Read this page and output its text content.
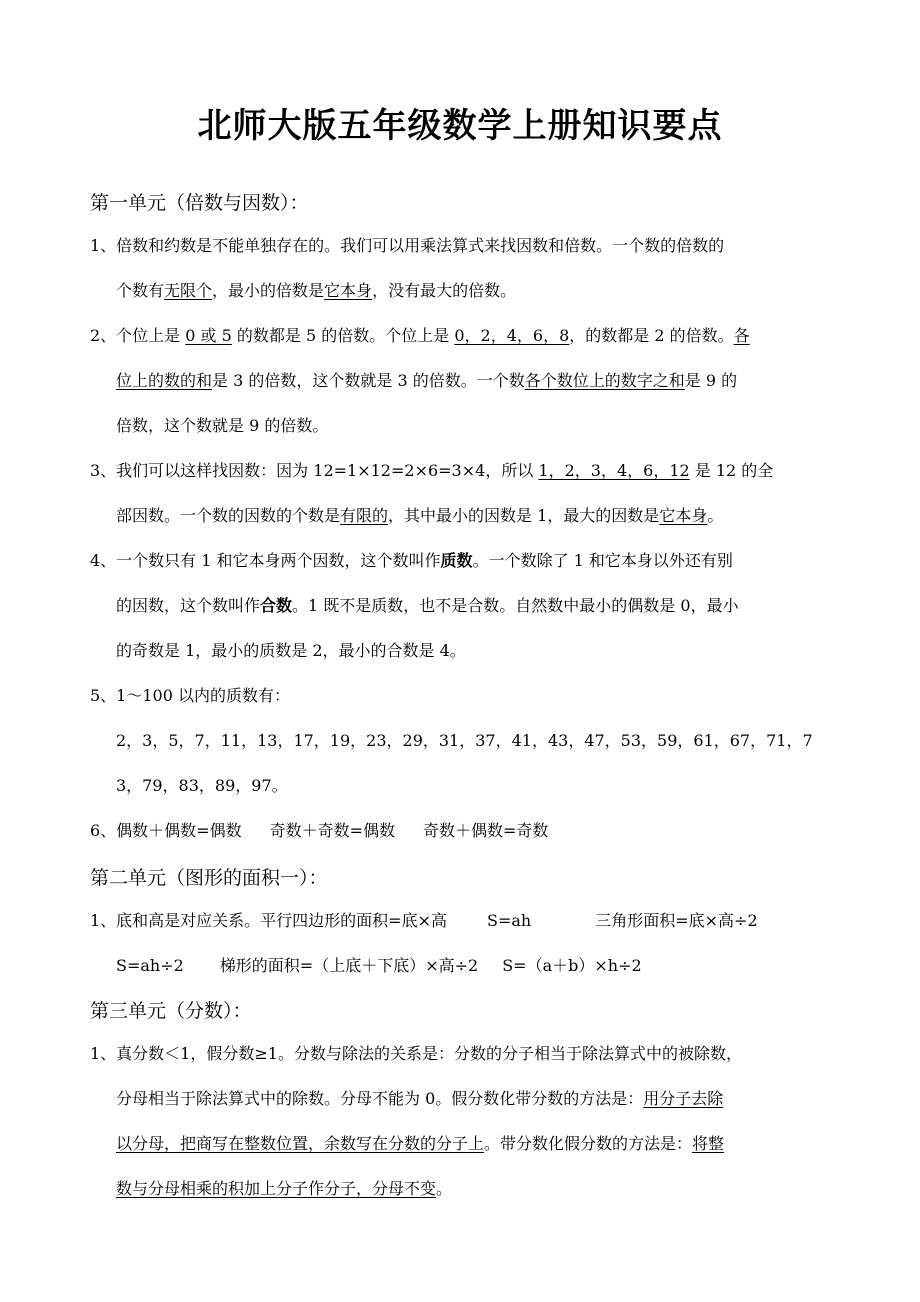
北师大版五年级数学上册知识要点

第一单元（倍数与因数）：

1、倍数和约数是不能单独存在的。我们可以用乘法算式来找因数和倍数。一个数的倍数的
个数有无限个，最小的倍数是它本身，没有最大的倍数。
2、个位上是 0 或 5 的数都是 5 的倍数。个位上是 0，2，4，6，8，的数都是 2 的倍数。各
位上的数的和是 3 的倍数，这个数就是 3 的倍数。一个数各个数位上的数字之和是 9 的
倍数，这个数就是 9 的倍数。
3、我们可以这样找因数：因为 12=1×12=2×6=3×4，所以 1，2，3，4，6，12 是 12 的全
部因数。一个数的因数的个数是有限的，其中最小的因数是 1，最大的因数是它本身。
4、一个数只有 1 和它本身两个因数，这个数叫作质数。一个数除了 1 和它本身以外还有别
的因数，这个数叫作合数。1 既不是质数，也不是合数。自然数中最小的偶数是 0，最小
的奇数是 1，最小的质数是 2，最小的合数是 4。
5、1～100 以内的质数有：
2，3，5，7，11，13，17，19，23，29，31，37，41，43，47，53，59，61，67，71，7
3，79，83，89，97。
6、偶数＋偶数=偶数 奇数＋奇数=偶数 奇数＋偶数=奇数

第二单元（图形的面积一）：

1、底和高是对应关系。平行四边形的面积=底×高	S=ah	三角形面积=底×高÷2
S=ah÷2 梯形的面积=（上底＋下底）×高÷2 S=（a＋b）×h÷2

第三单元（分数）：

1、真分数＜1，假分数≥1。分数与除法的关系是：分数的分子相当于除法算式中的被除数，
分母相当于除法算式中的除数。分母不能为 0。假分数化带分数的方法是：用分子去除
以分母，把商写在整数位置，余数写在分数的分子上。带分数化假分数的方法是：将整
数与分母相乘的积加上分子作分子，分母不变。
